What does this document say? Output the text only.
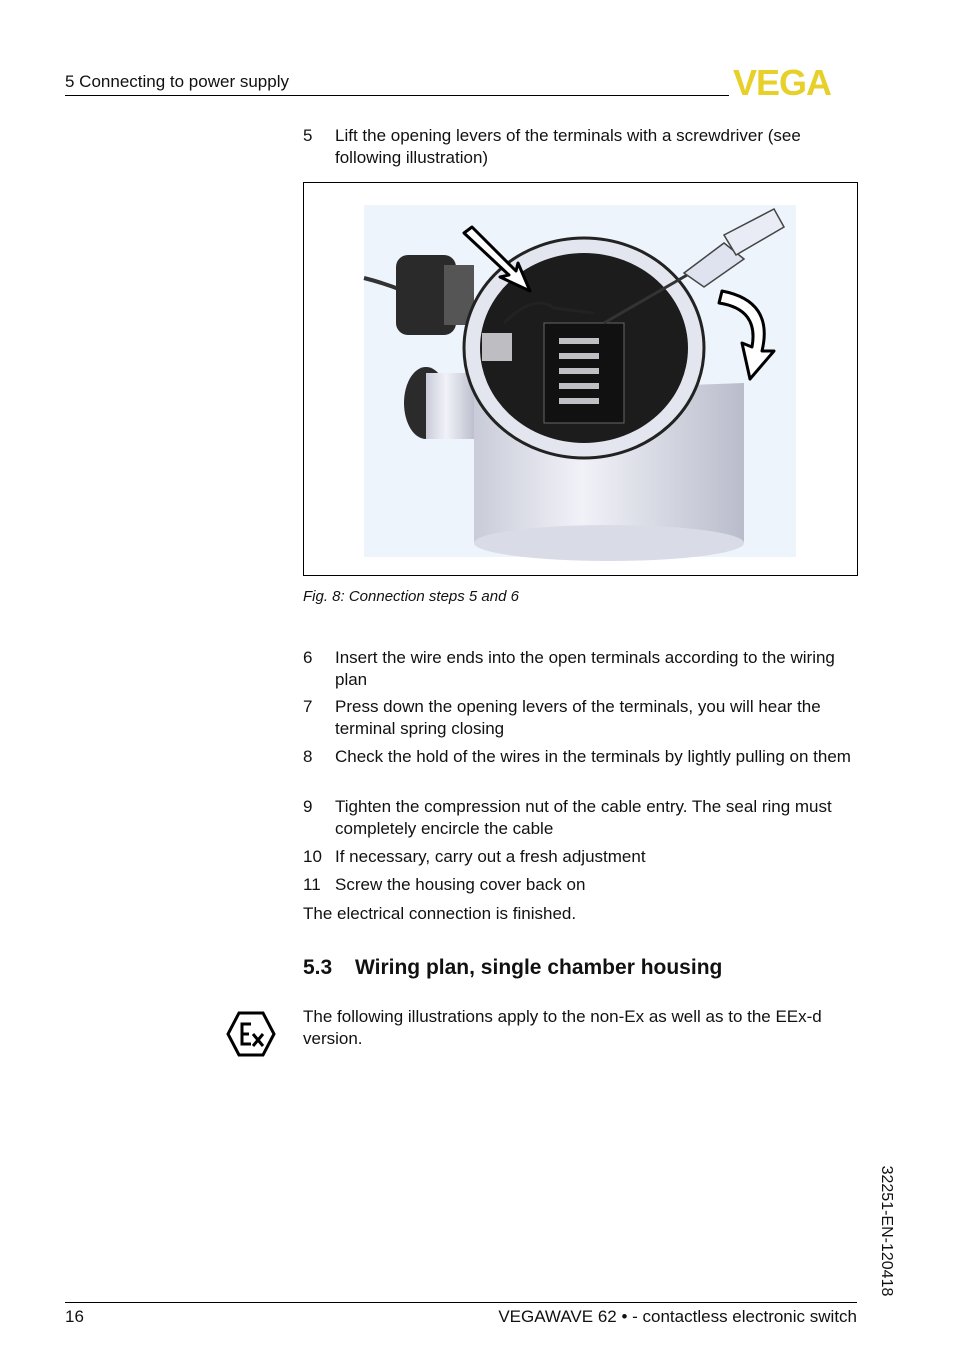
5 Connecting to power supply	VEGA
5 Lift the opening levers of the terminals with a screwdriver (see following illustration)
Fig. 8: Connection steps 5 and 6
6 Insert the wire ends into the open terminals according to the wiring plan
7 Press down the opening levers of the terminals, you will hear the terminal spring closing
8 Check the hold of the wires in the terminals by lightly pulling on them
9 Tighten the compression nut of the cable entry. The seal ring must completely encircle the cable
10 If necessary, carry out a fresh adjustment
11 Screw the housing cover back on
The electrical connection is finished.
5.3 Wiring plan, single chamber housing
The following illustrations apply to the non-Ex as well as to the EEx-d version.
32251-EN-120418
16	VEGAWAVE 62 • - contactless electronic switch
